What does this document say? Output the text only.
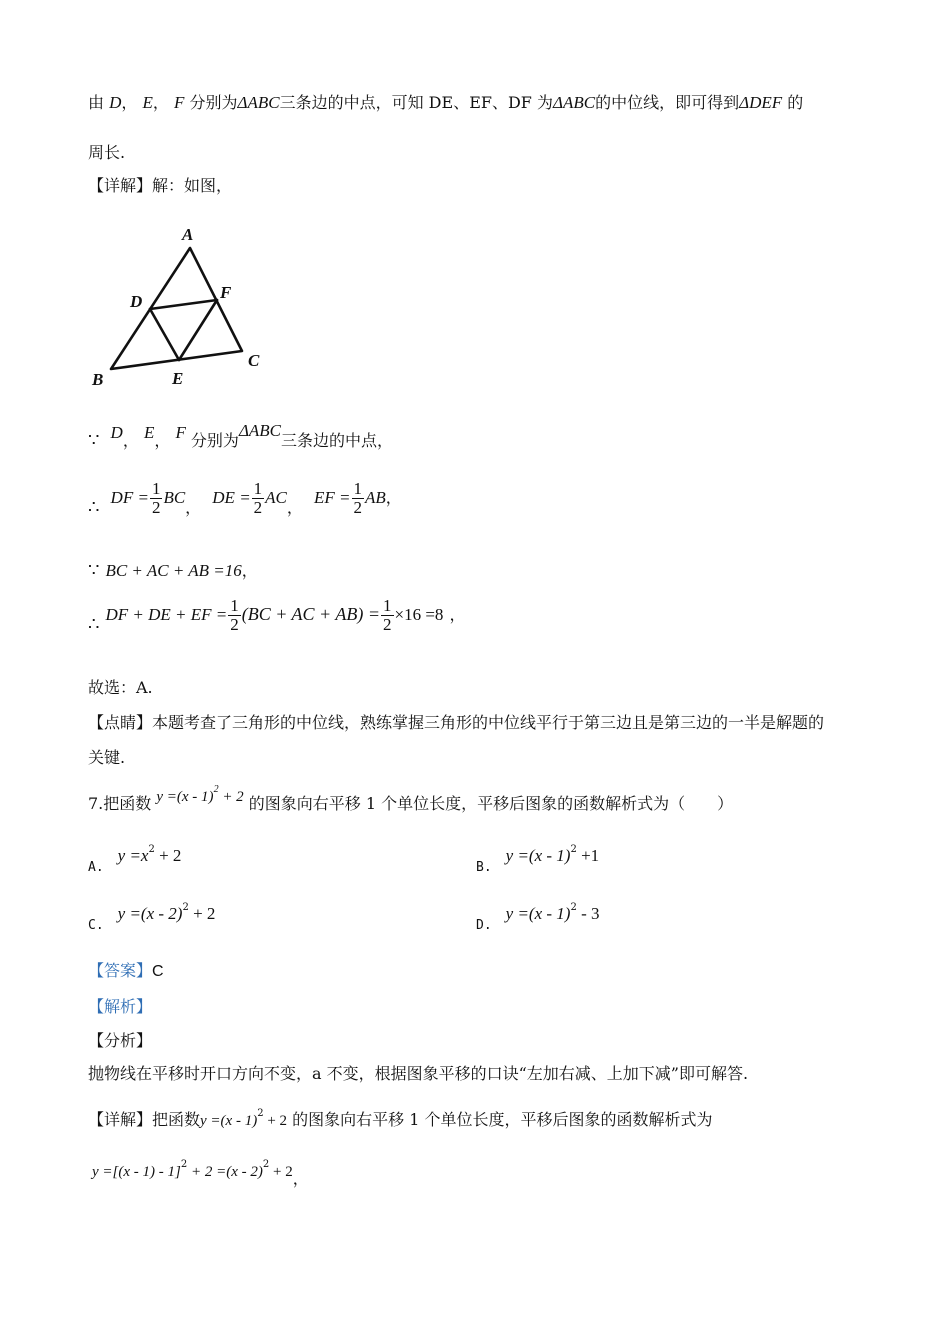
由 D， E， F 分别为ΔABC三条边的中点，可知 DE、EF、DF 为ΔABC的中位线，即可得到ΔDEF 的
周长.
【详解】解：如图，
A
B
C
D
E
F
∵ D， E， F 分别为ΔABC三条边的中点，
∴ DF = $\frac{1}{2}$ BC， DE = $\frac{1}{2}$ AC， EF = $\frac{1}{2}$ AB，
∵ BC + AC + AB =16，
∴ DF + DE + EF = $\frac{1}{2} (BC$ + AC + $AB) = \frac{1}{2} \times 16 =8$ ，
故选：A.
【点睛】本题考查了三角形的中位线，熟练掌握三角形的中位线平行于第三边且是第三边的一半是解题的
关键.
7.把函数 y =(x - 1)$^2$ + 2 的图象向右平移 1 个单位长度，平移后图象的函数解析式为（　　）
$A.y =x^2 + 2$
B.y =(x - 1)$^2$ +1
C.y =(x - 2)$^2$ + 2
D.y =(x - 1)$^2$ - 3
【答案】C
【解析】
【分析】
抛物线在平移时开口方向不变，a 不变，根据图象平移的口诀“左加右减、上加下减”即可解答.
【详解】把函数y =(x - 1)$^2$ + 2 的图象向右平移 1 个单位长度，平移后图象的函数解析式为
y =[(x - 1) - 1]$^2$ + 2 =(x - 2)$^2$ + 2，
